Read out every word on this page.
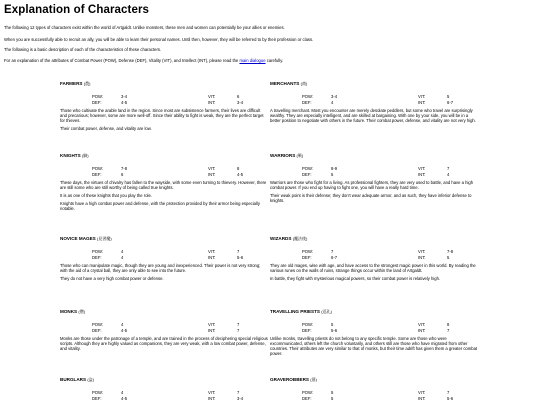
Explanation of Characters

The following 12 types of characters exist within the world of Artgaldt. Unlike monsters, these men and women can potentially be your allies or enemies.

When you are successfully able to recruit an ally, you will be able to learn their personal names. Until then, however, they will be referred to by their profession or class.

The following is a basic description of each of the characteristics of these characters.

For an explanation of the attributes of Combat Power (POW), Defense (DEF), Vitality (VIT), and Intellect (INT), please read the main dialogue carefully.

FARMERS (農)
POW:	3-4	VIT:	6
DEF:	4-5	INT:	3-4

Those who cultivate the arable land in the region. Since most are subsistence farmers, their lives are difficult and precarious; however, some are more well-off. Since their ability to fight is weak, they are the perfect target for thieves.

Their combat power, defense, and vitality are low.

MERCHANTS (商)
POW:	3-4	VIT:	5
DEF:	4	INT:	6-7

A travelling merchant. Most you encounter are merely desolate peddlers, but some who travel are surprisingly wealthy. They are especially intelligent, and are skilled at bargaining. With one by your side, you will be in a better position to negotiate with others in the future. Their combat power, defense, and vitality are not very high.

KNIGHTS (騎)
POW:	7-8	VIT:	8
DEF:	6	INT:	4-5

These days, the virtues of chivalry has fallen to the wayside, with some even turning to thievery. However, there are still some who are still worthy of being called true knights.

It is as one of these knights that you play the role.

Knights have a high combat power and defense, with the protection provided by their armor being especially notable.

WARRIORS (戦)
POW:	8-9	VIT:	7
DEF:	5	INT:	4

Warriors are those who fight for a living. As professional fighters, they are very used to battle, and have a high combat power. If you end up having to fight one, you will have a really hard time.

Their weak point is their defense; they don't wear adequate armor, and as such, they have inferior defense to knights.

NOVICE MAGES (見習魔)
POW:	4	VIT:	7
DEF:	4	INT:	5-6

Those who can manipulate magic, though they are young and inexperienced. Their power is not very strong; with the aid of a crystal ball, they are only able to see into the future.

They do not have a very high combat power or defense.

WIZARDS (魔法使)
POW:	7	VIT:	7-8
DEF:	6-7	INT:	5

They are old mages, wise with age, and have access to the strongest magic power in this world. By reading the various runes on the walls of ruins, strange things occur within the land of Artgaldt.

In battle, they fight with mysterious magical powers, so their combat power is relatively high.

MONKS (僧)
POW:	4	VIT:	7
DEF:	4-5	INT:	7

Monks are those under the patronage of a temple, and are trained in the process of deciphering special religious scripts. Although they are highly valued as companions, they are very weak, with a low combat power, defense, and vitality.

TRAVELLING PRIESTS (巡礼)
POW:	5	VIT:	8
DEF:	5-6	INT:	7

Unlike monks, travelling priests do not belong to any specific temple. Some are those who were excommunicated, others left the church voluntarily, and others still are those who have migrated from other countries. Their attributes are very similar to that of monks, but their time adrift has given them a greater combat power.

BURGLARS (盗)
POW:	4	VIT:	7
DEF:	4-5	INT:	3-4
GRAVEROBBERS (墓)
POW:	5	VIT:	7
DEF:	5	INT:	5-6
